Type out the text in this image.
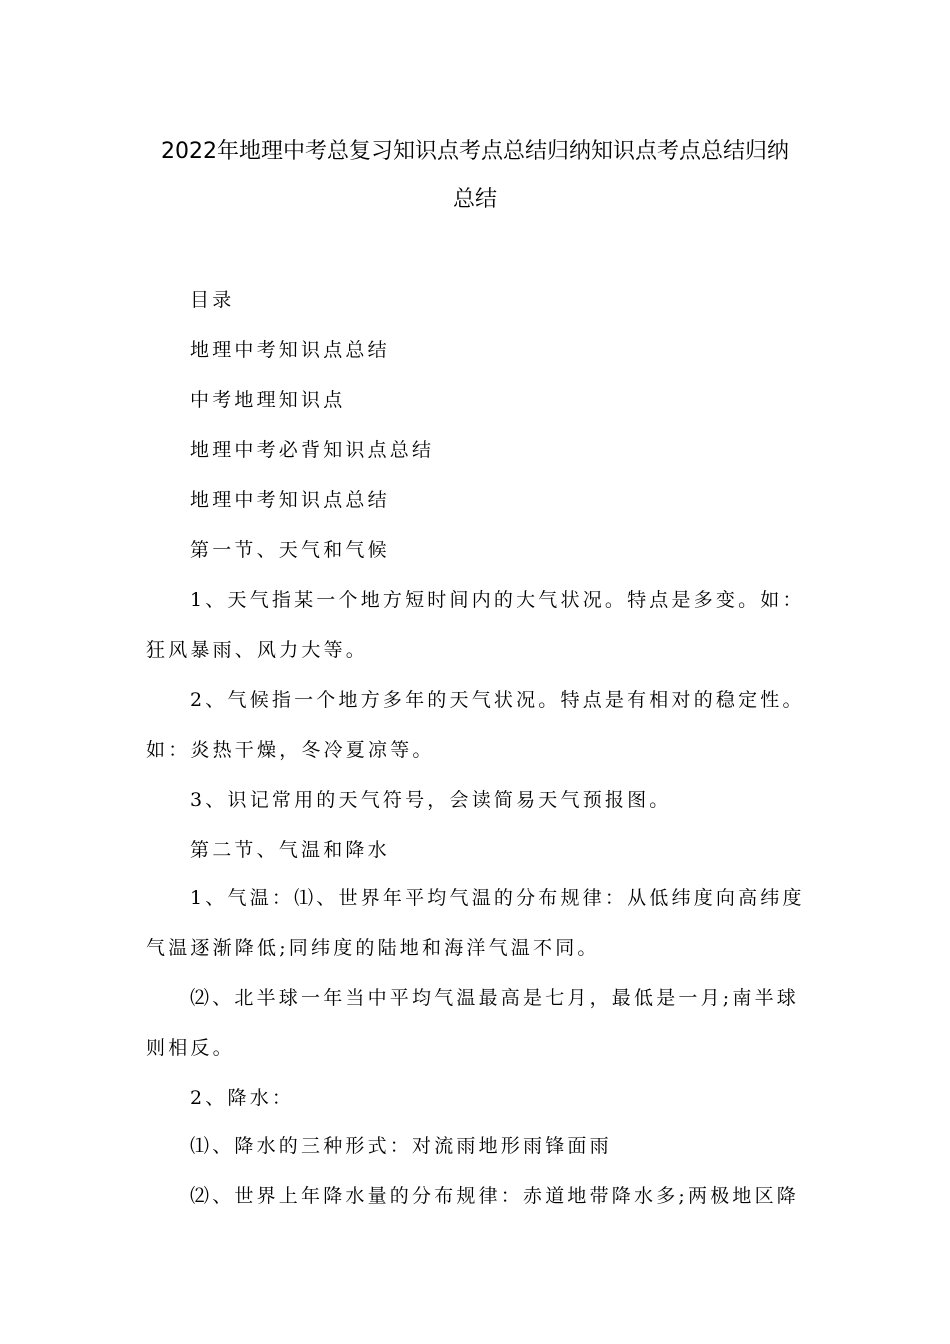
2022年地理中考总复习知识点考点总结归纳知识点考点总结归纳
总结
目录
地理中考知识点总结
中考地理知识点
地理中考必背知识点总结
地理中考知识点总结
第一节、天气和气候
1、天气指某一个地方短时间内的大气状况。特点是多变。如：
狂风暴雨、风力大等。
2、气候指一个地方多年的天气状况。特点是有相对的稳定性。
如：炎热干燥，冬冷夏凉等。
3、识记常用的天气符号，会读简易天气预报图。
第二节、气温和降水
1、气温：⑴、世界年平均气温的分布规律：从低纬度向高纬度
气温逐渐降低;同纬度的陆地和海洋气温不同。
⑵、北半球一年当中平均气温最高是七月，最低是一月;南半球
则相反。
2、降水：
⑴、降水的三种形式：对流雨地形雨锋面雨
⑵、世界上年降水量的分布规律：赤道地带降水多;两极地区降
